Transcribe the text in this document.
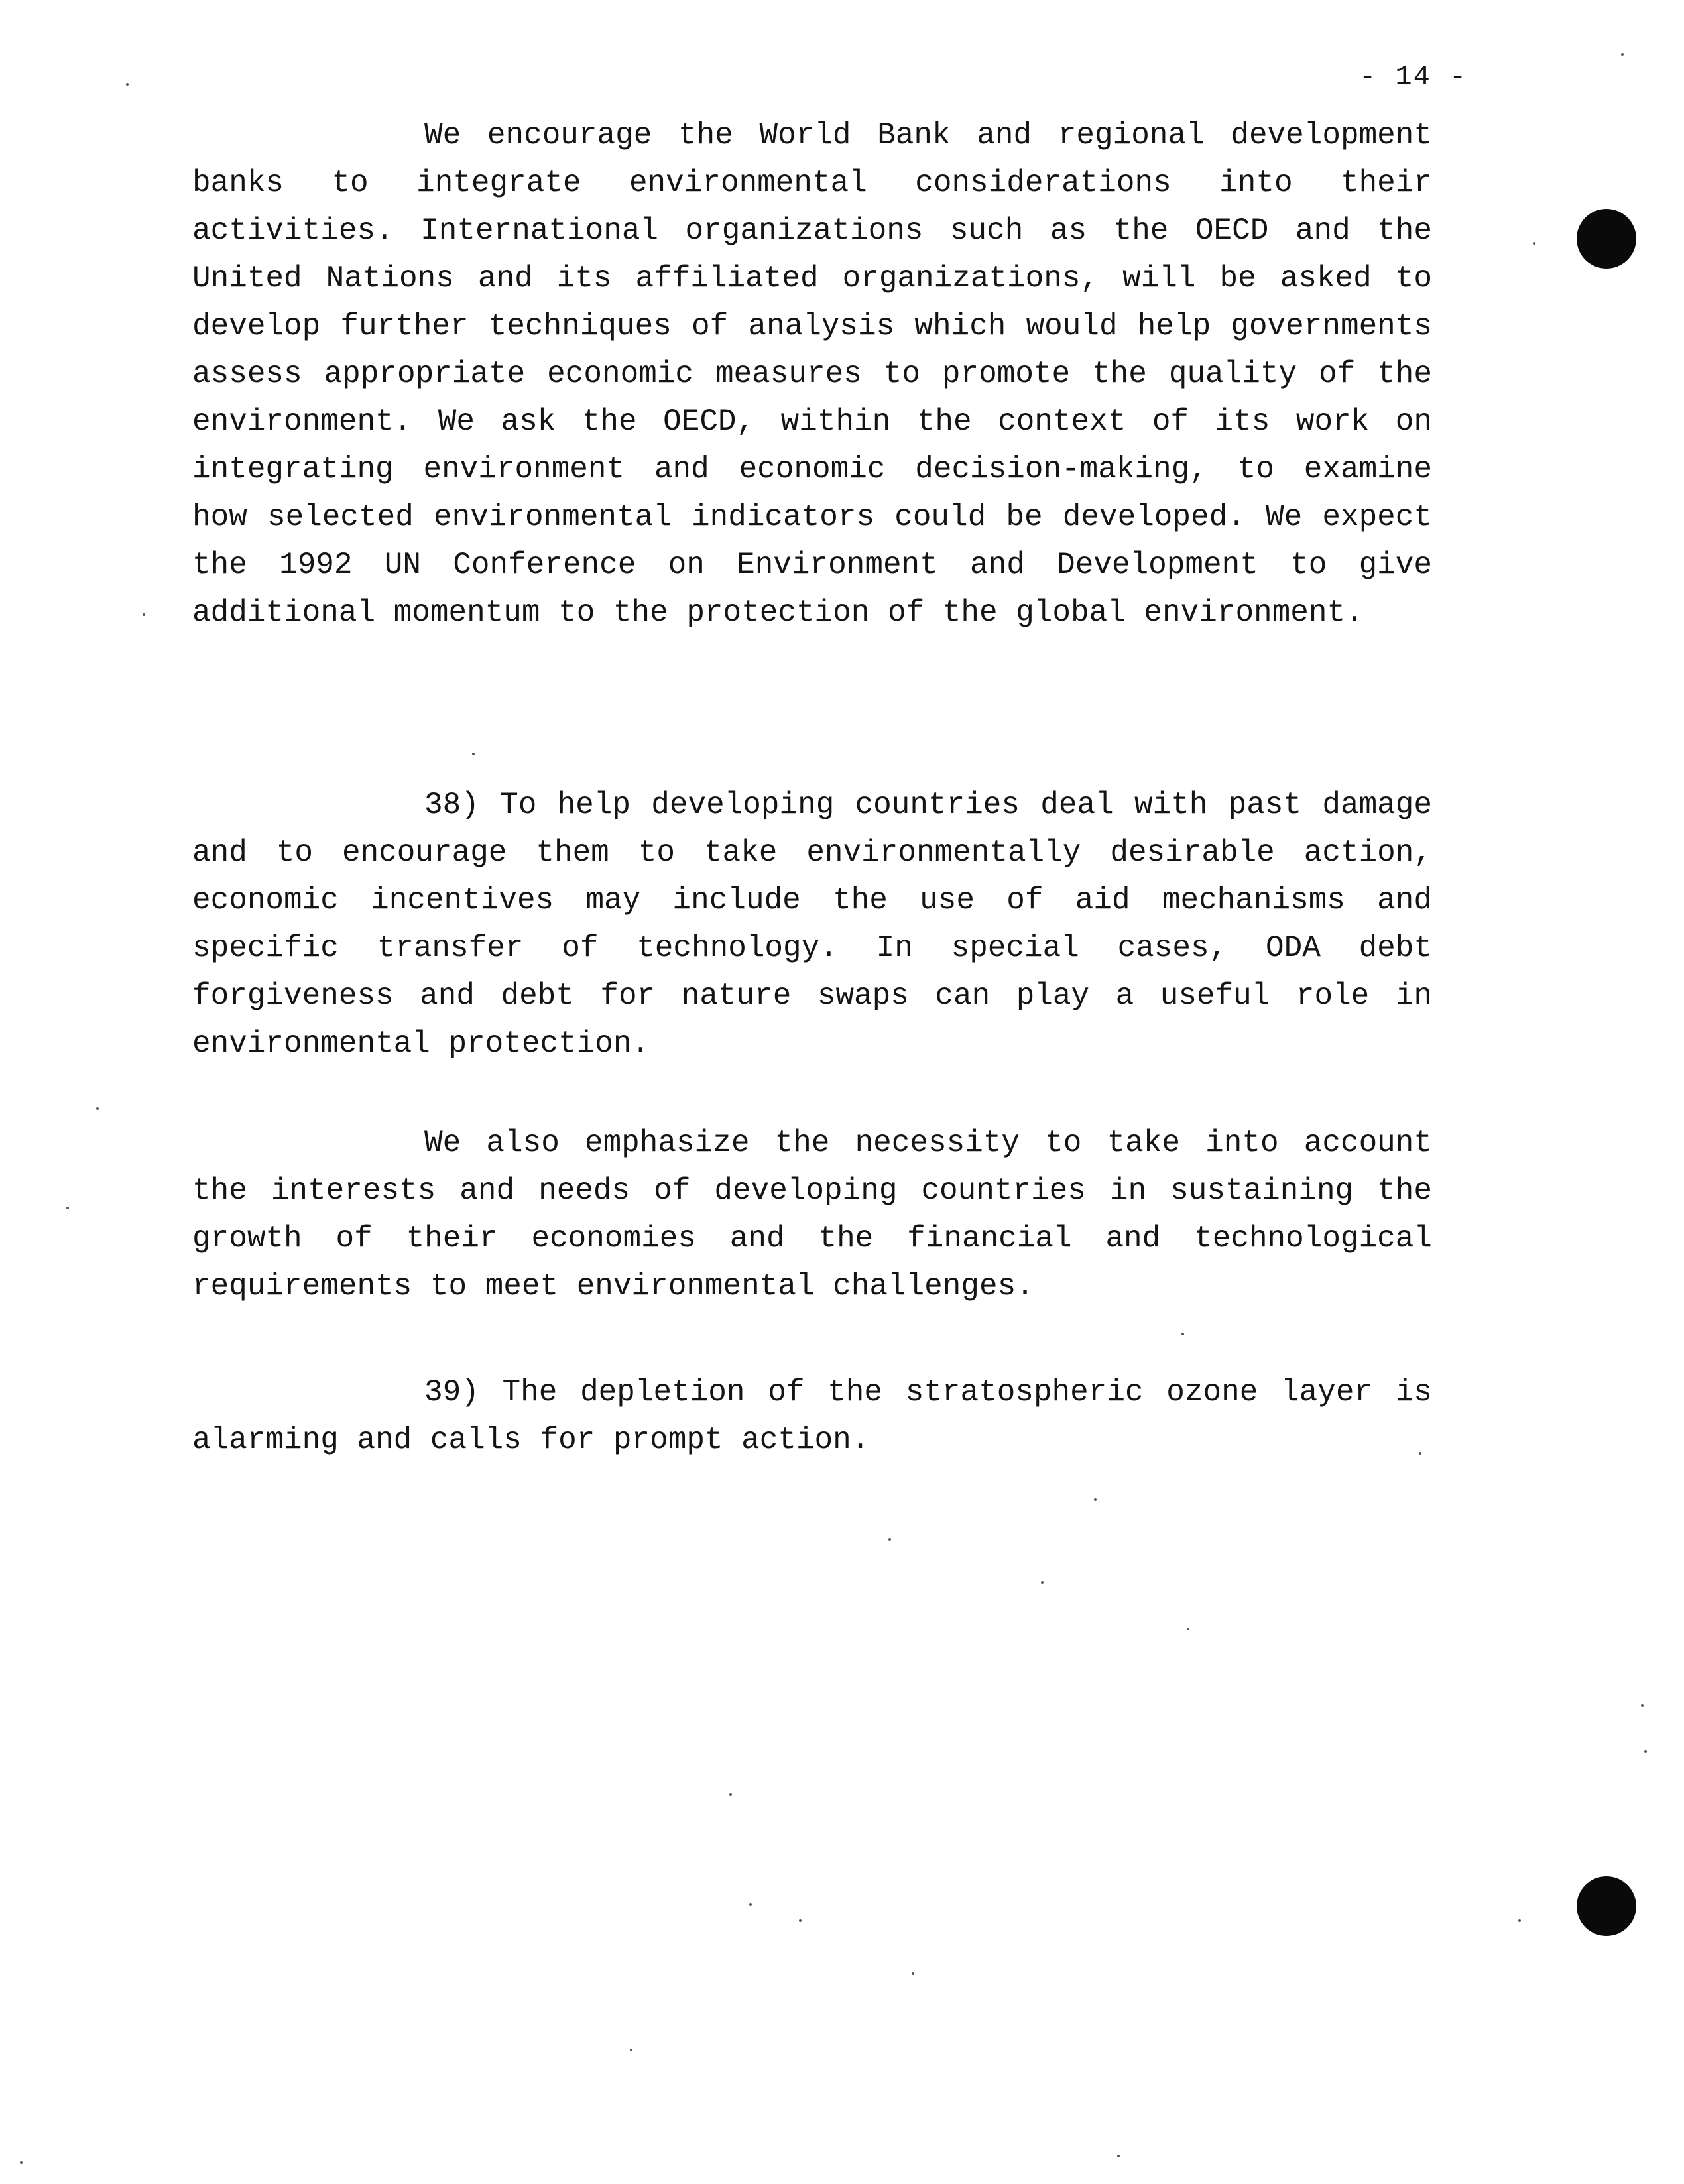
- 14 -

We encourage the World Bank and regional development banks to integrate environmental considerations into their activities. International organizations such as the OECD and the United Nations and its affiliated organizations, will be asked to develop further techniques of analysis which would help governments assess appropriate economic measures to promote the quality of the environment. We ask the OECD, within the context of its work on integrating environment and economic decision-making, to examine how selected environmental indicators could be developed. We expect the 1992 UN Conference on Environment and Development to give additional momentum to the protection of the global environment.

38) To help developing countries deal with past damage and to encourage them to take environmentally desirable action, economic incentives may include the use of aid mechanisms and specific transfer of technology. In special cases, ODA debt forgiveness and debt for nature swaps can play a useful role in environmental protection.

We also emphasize the necessity to take into account the interests and needs of developing countries in sustaining the growth of their economies and the financial and technological requirements to meet environmental challenges.

39) The depletion of the stratospheric ozone layer is alarming and calls for prompt action.
